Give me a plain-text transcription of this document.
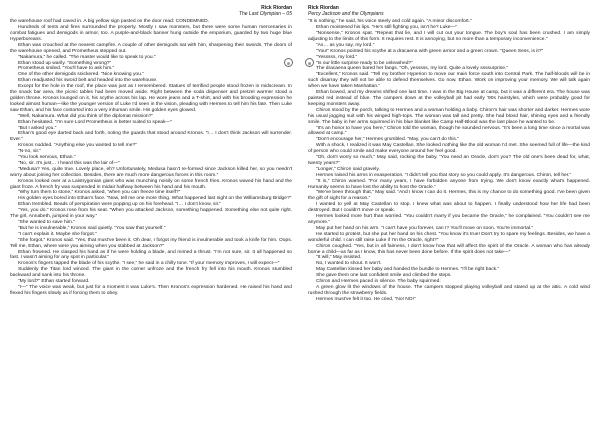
Rick Riordan
The Last Olympian – 05

the warehouse roof had caved in. A big yellow sign pasted on the door read: CONDEMNED.

Hundreds of tents and fires surrounded the property. Mostly I saw monsters, but there were some human mercenaries in combat fatigues and demigods in armor, too. A purple-and-black banner hung outside the emporium, guarded by two huge blue Hyperboreans.

Ethan was crouched at the nearest campfire. A couple of other demigods sat with him, sharpening their swords. The doors of the warehouse opened, and Prometheus stepped out.

“Nakamura,” he called. “The master would like to speak to you.”

Ethan stood up warily. “Something wrong?”

Prometheus smiled. “You'll have to ask him.”

One of the other demigods snickered. “Nice knowing you.”

Ethan readjusted his sword belt and headed into the warehouse.

Except for the hole in the roof, the place was just as I remembered. Statues of terrified people stood frozen in midscream. In the snack bar area, the picnic tables had been moved aside. Right between the soda dispenser and pretzel warmer stood a golden throne. Kronos lounged on it, his scythe across his lap. He wore jeans and a T-shirt, and with his brooding expression he looked almost human—like the younger version of Luke I'd seen in the vision, pleading with Hermes to tell him his fate. Then Luke saw Ethan, and his face contorted into a very inhuman smile. His golden eyes glowed.

“Well, Nakamura. What did you think of the diplomat mission?”

Ethan hesitated. “I'm sure Lord Prometheus is better suited to speak—”

“But I asked you.”

Ethan's good eye darted back and forth, noting the guards that stood around Kronos. “I… I don't think Jackson will surrender. Ever.”

Kronos nodded. “Anything else you wanted to tell me?”

“N-no, sir.”

“You look nervous, Ethan.”

“No, sir. It's just… I heard this was the lair of—”

“Medusa? Yes, quite true. Lovely place, eh? Unfortunately, Medusa hasn't re-formed since Jackson killed her, so you needn't worry about joining her collection. Besides, there are much more dangerous forces in this room.”

Kronos looked over at a Laistrygonian giant who was munching noisily on some french fries. Kronos waved his hand and the giant froze. A french fry was suspended in midair halfway between his hand and his mouth.

“Why turn them to stone,” Kronos asked, “when you can freeze time itself?”

His golden eyes bored into Ethan's face. “Now, tell me one more thing. What happened last night on the Williamsburg Bridge?”

Ethan trembled. Beads of perspiration were popping up on his forehead. “I… I don't know, sir.”

“Yes, you do.” Kronos rose from his seat. “When you attacked Jackson, something happened. Something else not quite right. The girl, Annabeth, jumped in your way.”

“She wanted to save him.”

“But he is invulnerable,” Kronos said quietly. “You saw that yourself.”

“I can't explain it. Maybe she forgot.”

“She forgot,” Kronos said. “Yes, that must've been it. Oh dear, I forgot my friend is invulnerable and took a knife for him. Oops. Tell me, Ethan, where were you aiming when you stabbed at Jackson?”

Ethan frowned. He clasped his hand as if he were holding a blade, and mimed a thrust. “I'm not sure, sir. It all happened so fast. I wasn't aiming for any spot in particular.”

Kronos's fingers tapped the blade of his scythe. “I see,” he said in a chilly tone. “If your memory improves, I will expect—”

Suddenly the Titan lord winced. The giant in the corner unfroze and the french fry fell into his mouth. Kronos stumbled backward and sank into his throne.

“My lord?” Ethan started forward.

“I—” The voice was weak, but just for a moment it was Luke's. Then Kronos's expression hardened. He raised his hand and flexed his fingers slowly as if forcing them to obey.

Rick Riordan
Percy Jackson and the Olympians

“It is nothing,” he said, his voice steely and cold again. “A minor discomfort.”

Ethan moistened his lips. “He's still fighting you, isn't he? Luke—”

“Nonsense,” Kronos spat. “Repeat that lie, and I will cut out your tongue. The boy's soul has been crushed. I am simply adjusting to the limits of this form. It requires rest. It is annoying, but no more than a temporary inconvenience.”

“As… as you say, my lord.”

“You!” Kronos pointed his scythe at a dracaena with green armor and a green crown. “Queen Sess, is it?”

“Yesssss, my lord.”

“Is our little surprise ready to be unleashed?”

The dracaena queen bared her fangs. “Oh, yesssss, my lord. Quite a lovely ssssurprise.”

“Excellent,” Kronos said. “Tell my brother Hyperion to move our main force south into Central Park. The half-bloods will be in such disarray they will not be able to defend themselves. Go now, Ethan. Work on improving your memory. We will talk again when we have taken Manhattan.”

Ethan bowed, and my dreams shifted one last time. I was in the Big House at camp, but it was a different era. The house was painted red instead of blue. The campers down at the volleyball pit had early '90s hairstyles, which were probably good for keeping monsters away.

Chiron stood by the porch, talking to Hermes and a woman holding a baby. Chiron's hair was shorter and darker. Hermes wore his usual jogging suit with his winged high-tops. The woman was tall and pretty. She had blond hair, shining eyes and a friendly smile. The baby in her arms squirmed in his blue blanket like Camp Half-Blood was the last place he wanted to be.

“It's an honor to have you here,” Chiron told the woman, though he sounded nervous. “It's been a long time since a mortal was allowed at camp.”

“Don't encourage her,” Hermes grumbled. “May, you can't do this.”

With a shock, I realized it was May Castellan. She looked nothing like the old woman I'd met. She seemed full of life—the kind of person who could smile and make everyone around her feel good.

“Oh, don't worry so much,” May said, rocking the baby. “You need an Oracle, don't you? The old one's been dead for, what, twenty years?”

“Longer,” Chiron said gravely.

Hermes raised his arms in exasperation. “I didn't tell you that story so you could apply. It's dangerous. Chiron, tell her.”

“It is,” Chiron warned. “For many years, I have forbidden anyone from trying. We don't know exactly what's happened. Humanity seems to have lost the ability to host the Oracle.”

“We've been through that,” May said. “And I know I can do it. Hermes, this is my chance to do something good. I've been given the gift of sight for a reason.”

I wanted to yell at May Castellan to stop. I knew what was about to happen. I finally understood how her life had been destroyed. But I couldn't move or speak.

Hermes looked more hurt than worried. “You couldn't marry if you became the Oracle,” he complained. “You couldn't see me anymore.”

May put her hand on his arm. “I can't have you forever, can I? You'll move on soon. You're immortal.”

He started to protest, but she put her hand on his chest. “You know it's true! Don't try to spare my feelings. Besides, we have a wonderful child. I can still raise Luke if I'm the Oracle, right?”

Chiron coughed. “Yes, but in all fairness, I don't know how that will affect the spirit of the Oracle. A woman who has already borne a child—as far as I know, this has never been done before. If the spirit does not take—”

“It will,” May insisted.

No, I wanted to shout. It won't.

May Castellan kissed her baby and handed the bundle to Hermes. “I'll be right back.”

She gave them one last confident smile and climbed the steps.

Chiron and Hermes paced in silence. The baby squirmed.

A green glow lit the windows of the house. The campers stopped playing volleyball and stared up at the attic. A cold wind rushed through the strawberry fields.

Hermes must've felt it too. He cried, “No! NO!”

⊕	⊕
